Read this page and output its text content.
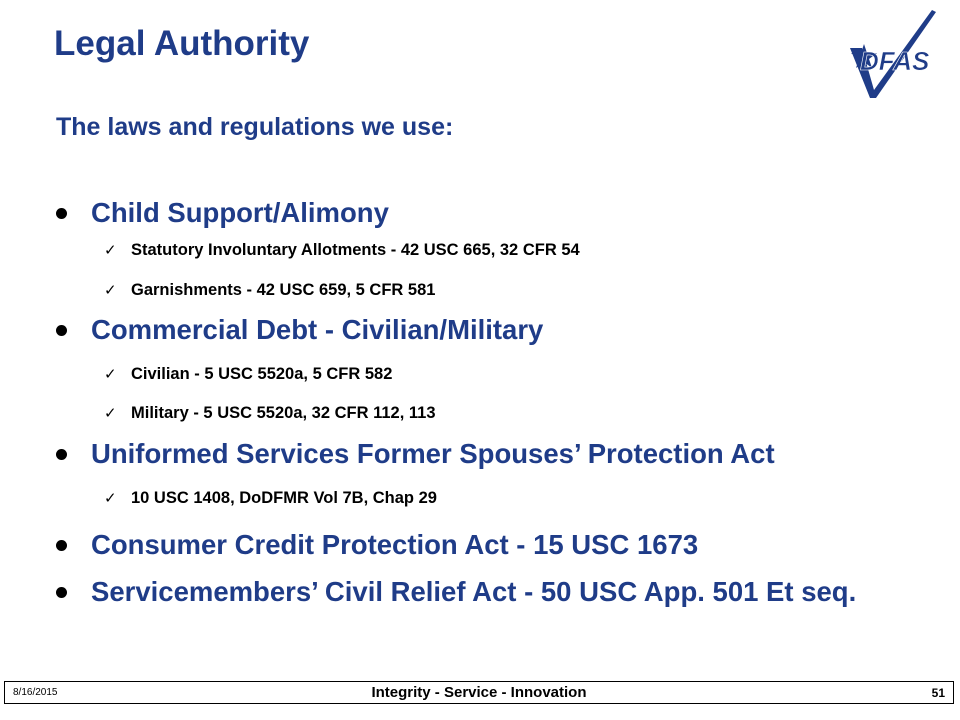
Legal Authority	DFAS
The laws and regulations we use:
Child Support/Alimony
✓ Statutory Involuntary Allotments - 42 USC 665, 32 CFR 54
✓ Garnishments - 42 USC 659, 5 CFR 581
Commercial Debt - Civilian/Military
✓ Civilian - 5 USC 5520a, 5 CFR 582
✓ Military - 5 USC 5520a, 32 CFR 112, 113
Uniformed Services Former Spouses’ Protection Act
✓ 10 USC 1408, DoDFMR Vol 7B, Chap 29
Consumer Credit Protection Act - 15 USC 1673
Servicemembers’ Civil Relief Act - 50 USC App. 501 Et seq.
8/16/2015	Integrity - Service - Innovation	51
